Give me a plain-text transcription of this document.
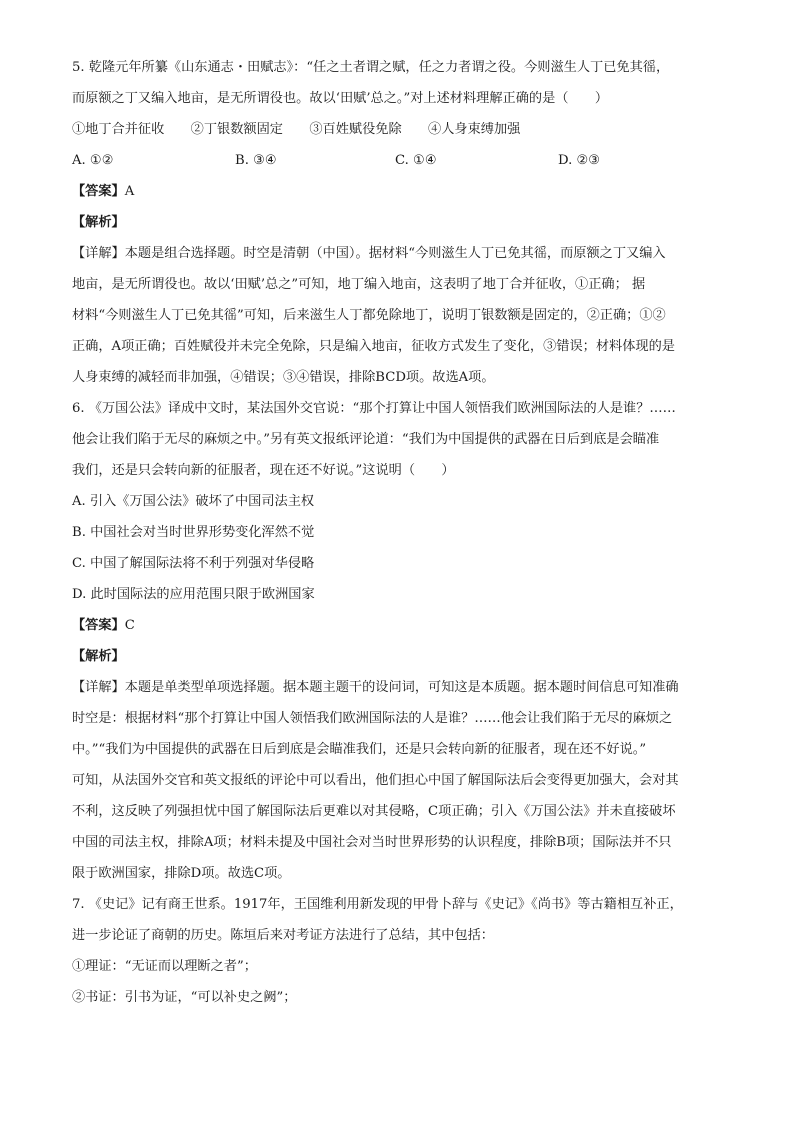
5. 乾隆元年所纂《山东通志・田赋志》：“任之土者谓之赋，任之力者谓之役。今则滋生人丁已免其徭，
而原额之丁又编入地亩，是无所谓役也。故以‘田赋’总之。”对上述材料理解正确的是（　　）
①地丁合并征收　　②丁银数额固定　　③百姓赋役免除　　④人身束缚加强
A. ①②	B. ③④	C. ①④	D. ②③
【答案】A
【解析】
【详解】本题是组合选择题。时空是清朝（中国）。据材料“今则滋生人丁已免其徭，而原额之丁又编入
地亩，是无所谓役也。故以‘田赋’总之”可知，地丁编入地亩，这表明了地丁合并征收，①正确； 据
材料“今则滋生人丁已免其徭”可知，后来滋生人丁都免除地丁，说明丁银数额是固定的，②正确；①②
正确，A项正确；百姓赋役并未完全免除，只是编入地亩，征收方式发生了变化，③错误；材料体现的是
人身束缚的减轻而非加强，④错误；③④错误，排除BCD项。故选A项。
6. 《万国公法》译成中文时，某法国外交官说：“那个打算让中国人领悟我们欧洲国际法的人是谁？……
他会让我们陷于无尽的麻烦之中。”另有英文报纸评论道：“我们为中国提供的武器在日后到底是会瞄准
我们，还是只会转向新的征服者，现在还不好说。”这说明（　　）
A. 引入《万国公法》破坏了中国司法主权
B. 中国社会对当时世界形势变化浑然不觉
C. 中国了解国际法将不利于列强对华侵略
D. 此时国际法的应用范围只限于欧洲国家
【答案】C
【解析】
【详解】本题是单类型单项选择题。据本题主题干的设问词，可知这是本质题。据本题时间信息可知准确
时空是：根据材料“那个打算让中国人领悟我们欧洲国际法的人是谁？……他会让我们陷于无尽的麻烦之
中。”“我们为中国提供的武器在日后到底是会瞄准我们，还是只会转向新的征服者，现在还不好说。”
可知，从法国外交官和英文报纸的评论中可以看出，他们担心中国了解国际法后会变得更加强大，会对其
不利，这反映了列强担忧中国了解国际法后更难以对其侵略，C项正确；引入《万国公法》并未直接破坏
中国的司法主权，排除A项；材料未提及中国社会对当时世界形势的认识程度，排除B项；国际法并不只
限于欧洲国家，排除D项。故选C项。
7. 《史记》记有商王世系。1917年，王国维利用新发现的甲骨卜辞与《史记》《尚书》等古籍相互补正，
进一步论证了商朝的历史。陈垣后来对考证方法进行了总结，其中包括：
①理证：“无证而以理断之者”；
②书证：引书为证，“可以补史之阙”；
